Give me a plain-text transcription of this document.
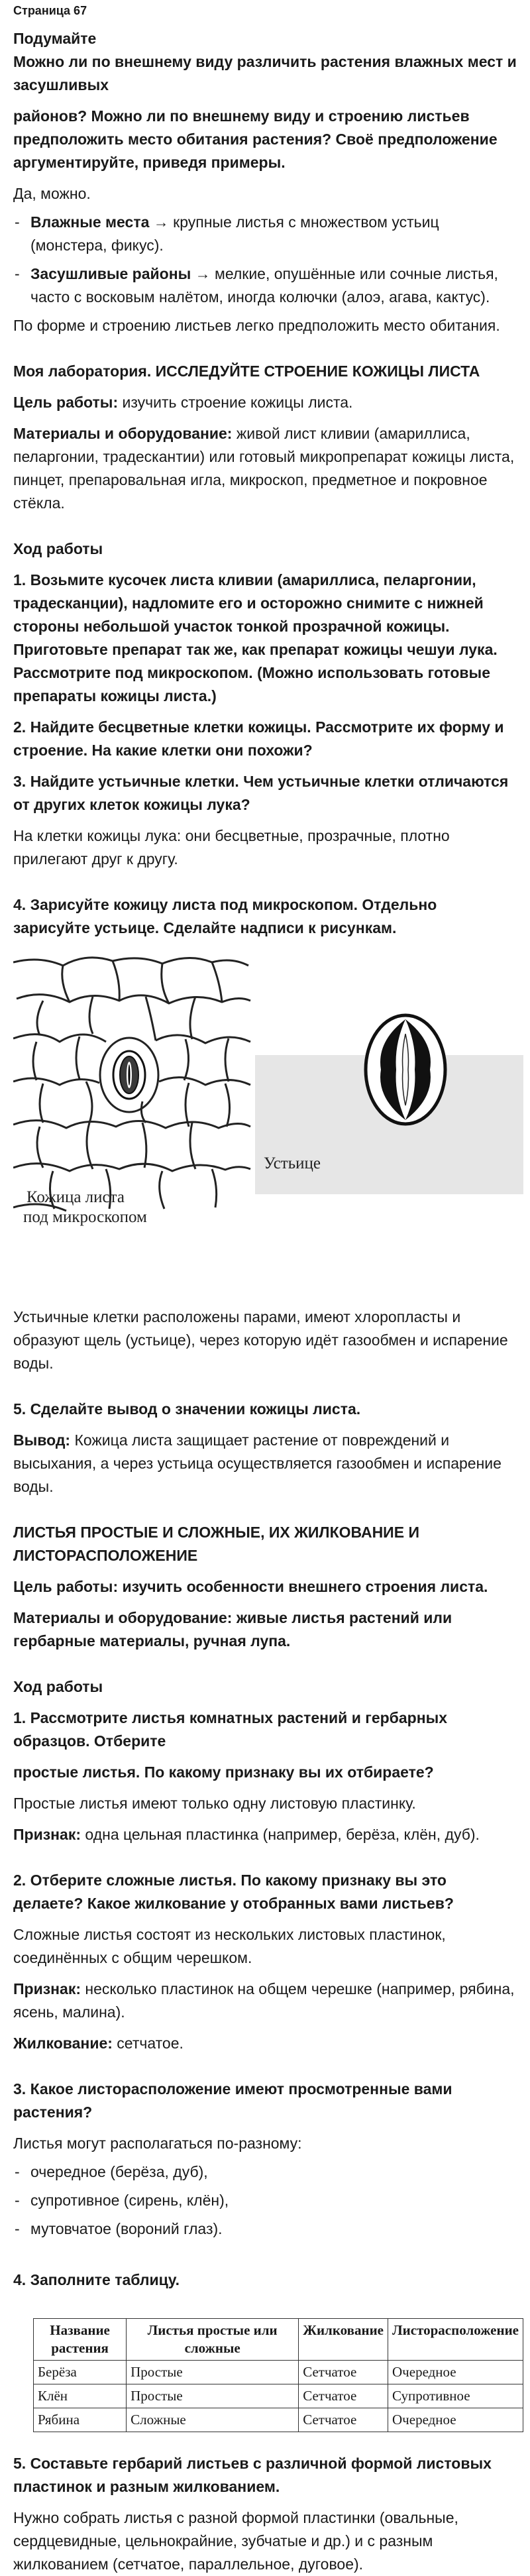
Страница 67

Подумайте

Можно ли по внешнему виду различить растения влажных мест и засушливых

районов? Можно ли по внешнему виду и строению листьев предположить место обитания растения? Своё предположение аргументируйте, приведя примеры.

Да, можно.

- Влажные места → крупные листья с множеством устьиц (монстера, фикус).
- Засушливые районы → мелкие, опушённые или сочные листья, часто с восковым налётом, иногда колючки (алоэ, агава, кактус).

По форме и строению листьев легко предположить место обитания.

Моя лаборатория. ИССЛЕДУЙТЕ СТРОЕНИЕ КОЖИЦЫ ЛИСТА

Цель работы: изучить строение кожицы листа.

Материалы и оборудование: живой лист кливии (амариллиса, пеларгонии, традескантии) или готовый микропрепарат кожицы листа, пинцет, препаровальная игла, микроскоп, предметное и покровное стёкла.

Ход работы

1. Возьмите кусочек листа кливии (амариллиса, пеларгонии, традесканции), надломите его и осторожно снимите с нижней стороны небольшой участок тонкой прозрачной кожицы. Приготовьте препарат так же, как препарат кожицы чешуи лука. Рассмотрите под микроскопом. (Можно использовать готовые препараты кожицы листа.)

2. Найдите бесцветные клетки кожицы. Рассмотрите их форму и строение. На какие клетки они похожи?

3. Найдите устьичные клетки. Чем устьичные клетки отличаются от других клеток кожицы лука?

На клетки кожицы лука: они бесцветные, прозрачные, плотно прилегают друг к другу.

4. Зарисуйте кожицу листа под микроскопом. Отдельно зарисуйте устьице. Сделайте надписи к рисункам.

Кожица листа
под микроскопом
Устьице

Устьичные клетки расположены парами, имеют хлоропласты и образуют щель (устьице), через которую идёт газообмен и испарение воды.

5. Сделайте вывод о значении кожицы листа.

Вывод: Кожица листа защищает растение от повреждений и высыхания, а через устьица осуществляется газообмен и испарение воды.

ЛИСТЬЯ ПРОСТЫЕ И СЛОЖНЫЕ, ИХ ЖИЛКОВАНИЕ И ЛИСТОРАСПОЛОЖЕНИЕ

Цель работы: изучить особенности внешнего строения листа.

Материалы и оборудование: живые листья растений или гербарные материалы, ручная лупа.

Ход работы

1. Рассмотрите листья комнатных растений и гербарных образцов. Отберите

простые листья. По какому признаку вы их отбираете?

Простые листья имеют только одну листовую пластинку.

Признак: одна цельная пластинка (например, берёза, клён, дуб).

2. Отберите сложные листья. По какому признаку вы это делаете? Какое жилкование у отобранных вами листьев?

Сложные листья состоят из нескольких листовых пластинок, соединённых с общим черешком.

Признак: несколько пластинок на общем черешке (например, рябина, ясень, малина).

Жилкование: сетчатое.

3. Какое листорасположение имеют просмотренные вами растения?

Листья могут располагаться по-разному:

- очередное (берёза, дуб),
- супротивное (сирень, клён),
- мутовчатое (вороний глаз).

4. Заполните таблицу.

Название растения	Листья простые или сложные	Жилкование	Листорасположение
Берёза	Простые	Сетчатое	Очередное
Клён	Простые	Сетчатое	Супротивное
Рябина	Сложные	Сетчатое	Очередное

5. Составьте гербарий листьев с различной формой листовых пластинок и разным жилкованием.

Нужно собрать листья с разной формой пластинки (овальные, сердцевидные, цельнокрайние, зубчатые и др.) и с разным жилкованием (сетчатое, параллельное, дуговое).
